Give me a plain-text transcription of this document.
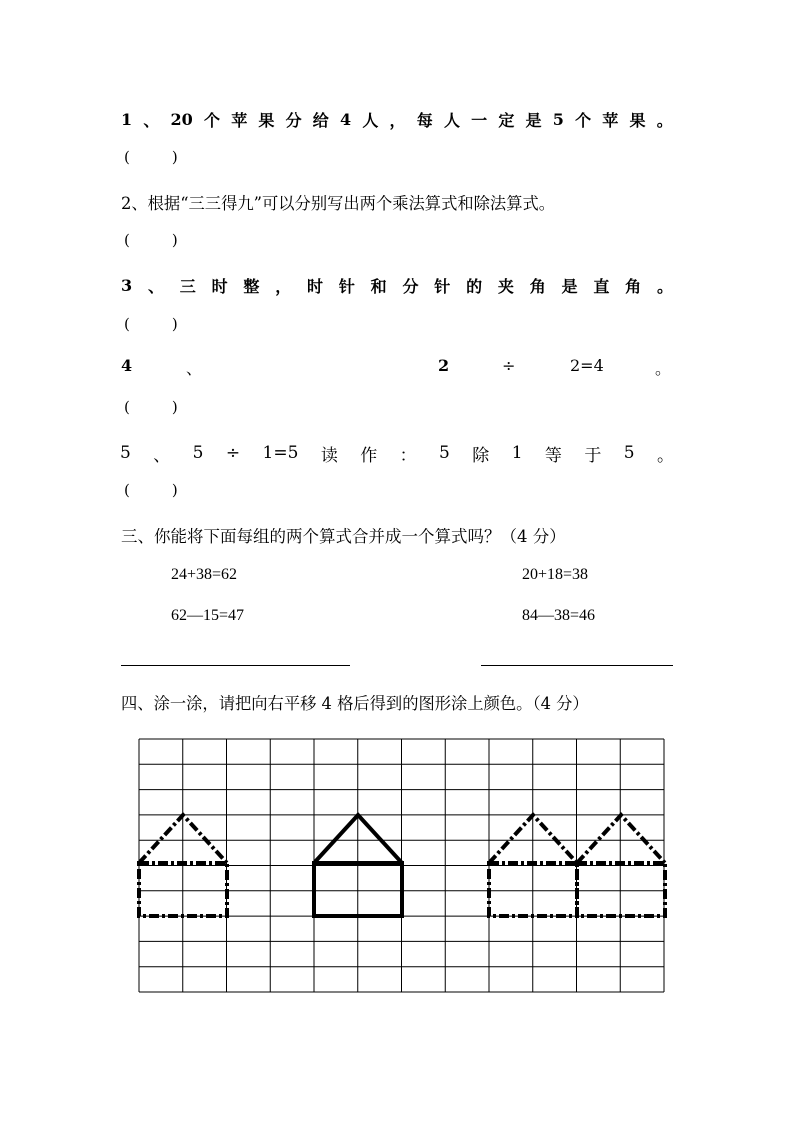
1 、 20 个 苹 果 分 给 4 人 ， 每 人 一 定 是 5 个 苹 果 。
(	)
2、根据“三三得九”可以分别写出两个乘法算式和除法算式。
(	)
3 、 三 时 整 ， 时 针 和 分 针 的 夹 角 是 直 角 。
(	)
4	、	2	÷	2=4	。
(	)
5 、 5 ÷ 1=5 读 作 ： 5 除 1 等 于 5 。
(	)
三、你能将下面每组的两个算式合并成一个算式吗？（4 分）
24+38=62	20+18=38
62—15=47	84—38=46
四、涂一涂，请把向右平移 4 格后得到的图形涂上颜色。（4 分）
